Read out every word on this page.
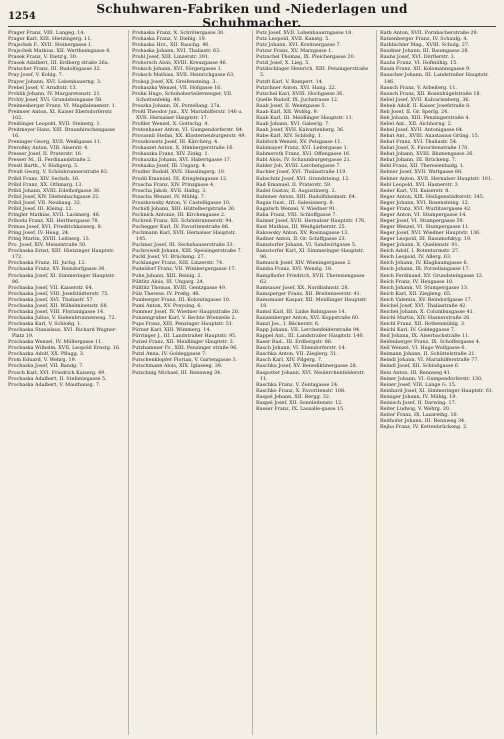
1254	Schuhwaren-Fabriken und -Niederlagen und Schuhmacher.
Prager Franz, VIII. Langeg. 14.
Prager Karl, XIII. Hietzingerg. 11.
Prajschek F., XVII. Steinergasse 1.
Prajschek Mathias, XII. Wertheimgasse 4.
Prasek Franz, V. Dietz'g. 30.
Prasek Adalbert, III. Erdberg straße 26a.
Pratscher Franz, III. Rudolfsgasse 32.
Pray Josef, V. Kohlg. 7.
Prayer Johann, XVI. Lobenbauerng. 3.
Prebel Josef, V. Arndtstr. 13.
Prchlik Johann, IV. Margaretenstr. 21.
Prchly Josef, XVI. Grundsteingasse 58.
Preimesberger Franz, VI. Magdalenenstr. 1.
Preimser Anton, XI. Kaiser Ebersdorferstr. 102.
Preißinger Leopold, XVII. Steinerg. 1.
Preitmeyer Hans, XIII. Braunhirschengasse 16.
Preninger Georg, XVII. Weißgasse 11.
Preroßky Anton, VIII. Alserstr. 4.
Presser Josef, II. Praterstr. 16.
Presser M., II. Ferdinandstraße 2.
Prestl Barth., V. Rüdigerg. 5.
Preuß Georg, V. Schönbrunnerstraße 83.
Pribil Franz, XIV. Sechsh. 16.
Pribil Franz, XX. Othmarg. 13.
Pribil Johann, XVIII. Edelhofgasse 36.
Pribil Josef, XIV. Diefenbachgasse 22.
Pribil Josef, VII. Neubaug. 32.
Pribil Josef, III. Kleing. 12.
Pringler Mathias, XVII. Lacknerg. 46.
Priboda Franz, XII. Herthergasse 78.
Primas Josef, XVI. Friedrichkaiserg. 8.
Pring Josef, IV. Heug. 24.
Pring Martin, XVIII. Leitnerg. 13.
Pro. Josef, XIV. Meiselstraße 50.
Prochaska Ernst, XIII. Hietzinger Hauptstr. 172.
Prochaska Franz, III. Juchg. 12.
Prochaska Franz, XV. Reindorfgasse 30.
Prochaska Josef, XI. Simmeringer Hauptstr. 86.
Prochaska Josef, VII. Kaiserstr. 64.
Prochaska Josef, VIII. Josefstädterstr. 75.
Prochaska Josef, XVI. Thaliastr. 57.
Prochaska Josef, XII. Wilhelminenstr. 68.
Prochaska Josef, VIII. Florianigasse 14.
Prochaska Julius, V. Siebenbrunnenweg. 72.
Prochaska Karl, V. Schloßg. 1.
Prochaska Stanislaus, XVI. Richard Wagner-Platz 19.
Prochaska Wenzel, IV. Müllergasse 11.
Prochaska Wilhelm, XVII. Leopold Ernstg. 16.
Prochazka Adolf, XX. Pflugg. 3.
Prom Eduard, V. Wehrg. 19.
Prochaska Josef, VII. Bandg. 7.
Prosch Karl, XVI. Friedrich Kaiserg. 49.
Prochaska Adalbert, II. Stefaniegasse 5.
Prochaska Adalbert, V. Mauthausg. 7.
Prohaska Franz, X. Schrötergasse 30.
Prohaska Franz, V. Dieblg. 19.
Prohaska Hrz., XII. Rauchg. 40.
Prohaska Johann, XVI. Thaliastr. 63.
Prohl Josef, XIII. Linzerstr. 391.
Prohorsch Alois, XVIII. Kreuzgasse 46.
Proksch Johann, XVI. Sörgergasse 1.
Proksch Mathias, XVII. Heinrichgasse 63.
Prokop Josef, XX. Greifensteing. 3.
Prohaszka Wenzel, VII. Hofgasse 16.
Prohn Hugo, Schuhoberteilerzeuger, VII. Schottenfeldg. 40.
Proszka Johann, IX. Porzellang. 27a.
Proßl Theodor jun., XV. Mariahilferstr. 146 u. XVII. Hernalser Hauptstr. 17.
Proßler Wenzel, X. Gottschg. 4.
Protonhauer Anton, VI. Gumpendorferstr. 84.
Provasnil Stefan, XX. Klosterneuburgerstr. 49.
Proszkowetz Josef, III. Kärcherg. 4.
Prohaszet Anton, X. Himbergerstraße 16.
Prohaszka Franz, XIV. Zinkg. 1.
Prohaszka Johann, XVI. Habertgasse 17.
Prohazka Josef, III. Ungarg. 4.
Prudler Rudolf, XVII. Hasslingerg. 10.
Prudil Emanuel, III. Kriegleingasse 12.
Pruscha Franz, XIV. Prinzgasse 4.
Pruscha Jakob, XVII. Halbg. 3.
Pruscha Wenzel, IV. Mühlg. 7.
Pruszkowsky Anton, V. Castelligasse 10.
Pschidl Johann, XIII. Hüttelbergstraße 26.
Pschnick Antonie, III. Kirchengasse 2.
Pschreil Franz, XII. Schönbrunnerstr. 94.
Puchegger Karl, IV. Favoritenstraße 86.
Puchmann Karl, XVII. Hernalser Hauptstr. 145.
Puchner Josef, III. Sechshauserstraße 33.
Puchrowelt Johann, XIII. Speisingerstraße 7.
Puckl Josef, VI. Brückeng. 27.
Pucklanger Franz, XIII. Linzerstr. 74.
Pudeldorf Franz, VII. Wimbergergasse 17.
Puhn Johann, XIII. Reinlg. 2.
Pültlitz Alois, III. Ungarg. 24.
Pültlitz Thomas, XVIII. Gentzgasse 49.
Pülz Therese, IV. Preßg. 40.
Pumberger Franz, III. Kolonitzgasse 10.
Pumi Anton, XV. Preysing. 6.
Pummer Josef, IV. Wiedner Hauptstraße 20.
Punzengruber Karl, V. Rechte Wienzeile 2.
Pups Franz, XIII. Penzinger Hauptstr. 51.
Pürner Karl, XIII. Wimmerg. 14.
Pürringer J., III. Landstraßer Hauptstr. 95.
Putzel Franz, XII. Meidlinger Hauptstr. 3.
Putzhammer Fr., XIII. Penzinger straße 96.
Putzl Anna, IV. Goldeggasse 7.
Putschenklopfer Florian, V. Gartengasse 3.
Putschmann Alois, XIX. Iglaseeg. 39.
Putzchnig Michael, III. Rennweg 34.
Putz Josef, XVII. Lobenbauerngasse 18.
Putz Leopold, XVII. Kanstg. 5.
Putz Johann, XVI. Kreitnergasse 7.
Putzar Franz, XV. Marzgasse 1.
Putzschel Thomas, IX. Pleichergasse 20.
Putzl Josef, X. Lieg. 5.
Putzlschlager Heinrich, XIII. Penzingerstraße 5.
Putzlt Karl, V. Rampert. 14.
Putzchner Anton, XVI. Hang. 22.
Putzchel Karl, XVIII. Hochgasse 36.
Quelle Rudolf, IX. Juchstrasse 12.
Raab Josef, II. Weintgasse 5.
Raab Karl, XII. Wolfsg. 9.
Raab Karl, III. Meidlinger Hauptstr. 11.
Raab Johann, XVI. Gaberlg. 7.
Raab Josef, XVII. Kalvarienberg. 36.
Rabe Karl, XIV. Schloßg. 1.
Rabitsch Wenzel, XV. Pelzgasse 11.
Rabimayer Franz, XVI. Leitergasse 1.
Rabmeroth Franz, XVI. Offengasse 16.
Rabl Alois, IV. Schaumburgergasse 21.
Rabler Job, XVIII. Lerchengasse 7.
Rachler Josef, XVI. Thaliastraße 119.
Rabschitz Josef, XVI. Grundsteing. 12.
Rad Emanuel, II. Praterstr. 59.
Radel Gustav, II. Augustinerg. 2.
Rafeiner Anton, XIII. Rudolfsheimstr. 64.
Ragas Gust., III. Salesianerg. 8.
Ragatsch Wenzel, V. Wiedner 91.
Raha Franz, VIII. Schloffgasse 7.
Raimer Josef, XVII. Hernalser Hauptstr. 176.
Rast Mathias, III. Weißgärberstr. 25.
Rakowsky Anton, XV. Rosinagasse 13.
Radner Anton, II. Gr. Schiffgasse 23.
Ramstorfer Johann, VI. Sandwirtgasse 5.
Ramstorfer Karl, XI. Simmeringer Hauptstr. 96.
Ramusch Josef, XIV. Wieningergasse 2.
Ramba Franz, XVI. Wenzlg. 18.
Ramplhofer Friedrich, XVII. Theresiengasse 62.
Ramsauer Josef, XX. Nordbahnstr. 28.
Ramsperger Franz, XII. Breitenseerstr. 41.
Ramsmaier Kaspar, XII. Meidlinger Hauptstr. 18.
Ramsl Karl, III. Linke Bahngasse 14.
Ranzenberger Anton, XVI. Koppstraße 60.
Ranzl Jos., I. Bäckerstr. 6.
Rapp Johann, VII. Lerchenfelderstraße 94.
Rappel Ant., III. Landstraßer Hauptstr. 140.
Raser Rud., III. Erdbergstr. 86.
Rasch Johann, VI. Ebendorferstr. 14.
Raschka Anton, VII. Zieglerg. 51.
Rasch Karl, XIV. Pilgerg. 7.
Raschka Josef, XV. Benediktinergasse 28.
Raspotter Johann, XVI. Neulerchenfelderstr. 11.
Raschka Franz, V. Zentagasse 24.
Raschke Franz, X. Favoritenstr. 108.
Raspel Johann, XII. Bergg. 32.
Raspel Josef, XII. Sonnleitenstr. 12.
Rasser Franz, IX. Lassalle-gasse 15.
Rath Anton, XVII. Pornbacherstraße 29.
Ratzenberger Franz, IV. Schaufg. 4.
Rathbichler Mag., XVIII. Schulg. 27.
Raudner Johann, III. Baumgasse 28.
Rauhs Josef, XVI. Dörflerstr. 3.
Rauhs Franz, VI. Hofmühlg. 15.
Raum Franz, XII. Kolomannsgasse 9.
Rauscher Johann, III. Landstraßer Hauptstr. 146.
Rausch Franz, V. Arbeiterg. 11.
Rausch Franz, XII. Rosenhügelstraße 18.
Rebel Josef, XVII. Kalvarienberg. 36.
Rebek Adolf, II. Kaiser Josefstraße 8.
Reb Josef, II. Gr. Sperlg. 24.
Reb Johann, XIII. Penzingerstraße 4.
Rebel Ant., XII. Aichhorng. 2.
Rebel Josef, XVII. Antonigasse 64.
Rebat Ant., XVIII. Anastasius Grüng. 15.
Rebat Franz, XVI. Thaliastr. 54.
Rebat Josef, X. Favoritenstraße 170.
Rebat Johann, XVIII. Blumengasse 26.
Rebat Johann, III. Brückeng. 7.
Rebl Franz, XII. Theresienbadg. 1.
Rebner Josef, XVII. Wattgasse 88.
Rebner Anton, XVII. Hernalser Hauptstr. 101.
Rebl Leopold, XVI. Hasnerstr. 3.
Reder Karl, VII. Kaiserstr. 8.
Reger Anton, XIX. Heiligenstädterstr. 145.
Reger Johann, XVI. Rosensteing. 12.
Reger Franz, XVI. Wurlitzergasse 42.
Reger Anton, VI. Stumpergasse 14.
Reger Josef, VI. Stumpergasse 59.
Reger Wenzel, VI. Stumpergasse 11.
Reger Josef, XVI. Wiedner Hauptstr. 136.
Reger Leopold, III. Rasumofskyg. 19.
Reger Johann, X. Quellenstr. 91.
Reich Adolf, I. Rotenturmstr. 27.
Reich Leopold, IV. Allerg. 63.
Reich Johann, IV. Klagbaumgasse 6.
Reich Johann, IX. Porzellangasse 17.
Reich Ferdinand, XV. Grundsteingasse 12.
Reich Franz, IV. Heugasse 10.
Reich Johann, VI. Stumpergasse 13.
Reich Karl, XII. Ziegleng. 65.
Reich Valentin, XV. Reindorfgasse 17.
Reichel Josef, XVI. Thaliastraße 42.
Reichel Johann, X. Columbusgasse 41.
Reichl Martin, XIV. Hasnerstraße 26.
Reichl Franz, XII. Rothenmühlg. 3.
Reichl Karl, IV. Goldeggasse 7.
Reif Johann, IX. Alserbachstraße 11.
Reifenberger Franz, IX. Schoffergasse 4.
Reil Wenzel, VI. Hugo Wolfgasse 6.
Reimann Johann, II. Schüttelstraße 21.
Reindl Johann, VI. Mariahilferstraße 77.
Reindl Josef, XII. Schloßgasse 6.
Rein Anton, III. Rennweg 41.
Reiner Johann, VI. Gumpendorferstr. 130.
Reiner Josef, VIII. Lange G. 15.
Reinhard Josef, XI. Simmeringer Hauptstr. 61.
Reiniger Johann, IV. Mühlg. 19.
Reinisch Josef, II. Darwing. 17.
Reiter Ludwig, V. Wehrg. 20.
Reiter Franz, IX. Lazarethg. 10.
Reithofer Johann, III. Rennweg 34.
Rejha Franz, IV. Kettenbrückeng. 2.
